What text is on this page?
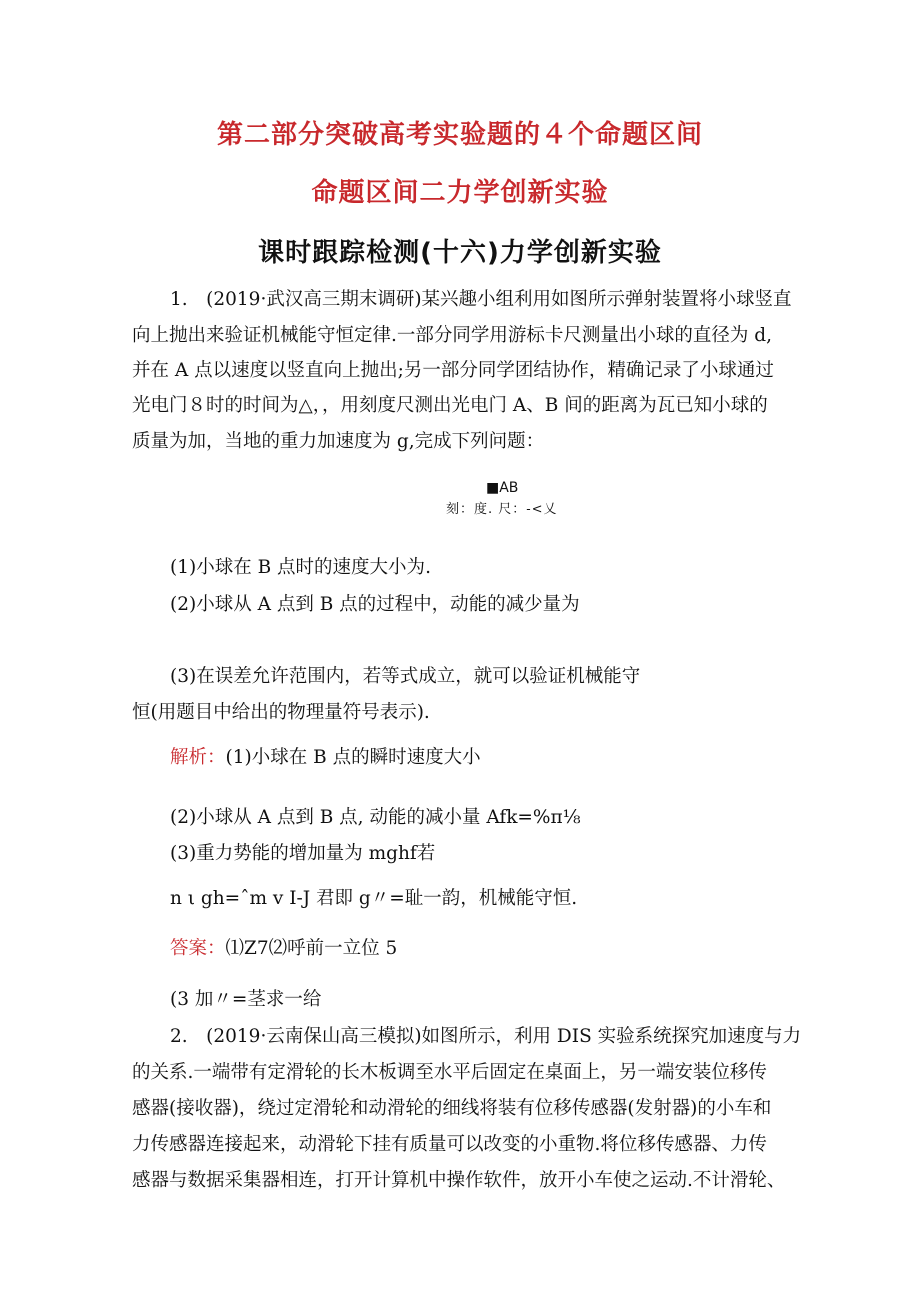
第二部分突破高考实验题的４个命题区间
命题区间二力学创新实验
课时跟踪检测(十六)力学创新实验
1.　(2019·武汉高三期末调研)某兴趣小组利用如图所示弹射装置将小球竖直
向上抛出来验证机械能守恒定律.一部分同学用游标卡尺测量出小球的直径为 d,
并在 A 点以速度以竖直向上抛出;另一部分同学团结协作，精确记录了小球通过
光电门８时的时间为△，，用刻度尺测出光电门 A、B 间的距离为瓦已知小球的
质量为加，当地的重力加速度为 g,完成下列问题：
■AB
刻：度. 尺：-<乂
(1)小球在 B 点时的速度大小为.
(2)小球从 A 点到 B 点的过程中，动能的减少量为
(3)在误差允许范围内，若等式成立，就可以验证机械能守
恒(用题目中给出的物理量符号表示).
解析：(1)小球在 B 点的瞬时速度大小
(2)小球从 A 点到 B 点, 动能的减小量 Afk=%π⅛
(3)重力势能的增加量为 mghf若
n ι gh=ˆm v I-J 君即 g〃=耻一韵，机械能守恒.
答案：⑴Z7⑵呼前一立位 5
(3 加〃=茎求一给
2.　(2019·云南保山高三模拟)如图所示，利用 DIS 实验系统探究加速度与力
的关系.一端带有定滑轮的长木板调至水平后固定在桌面上，另一端安装位移传
感器(接收器)，绕过定滑轮和动滑轮的细线将装有位移传感器(发射器)的小车和
力传感器连接起来，动滑轮下挂有质量可以改变的小重物.将位移传感器、力传
感器与数据采集器相连，打开计算机中操作软件，放开小车使之运动.不计滑轮、
